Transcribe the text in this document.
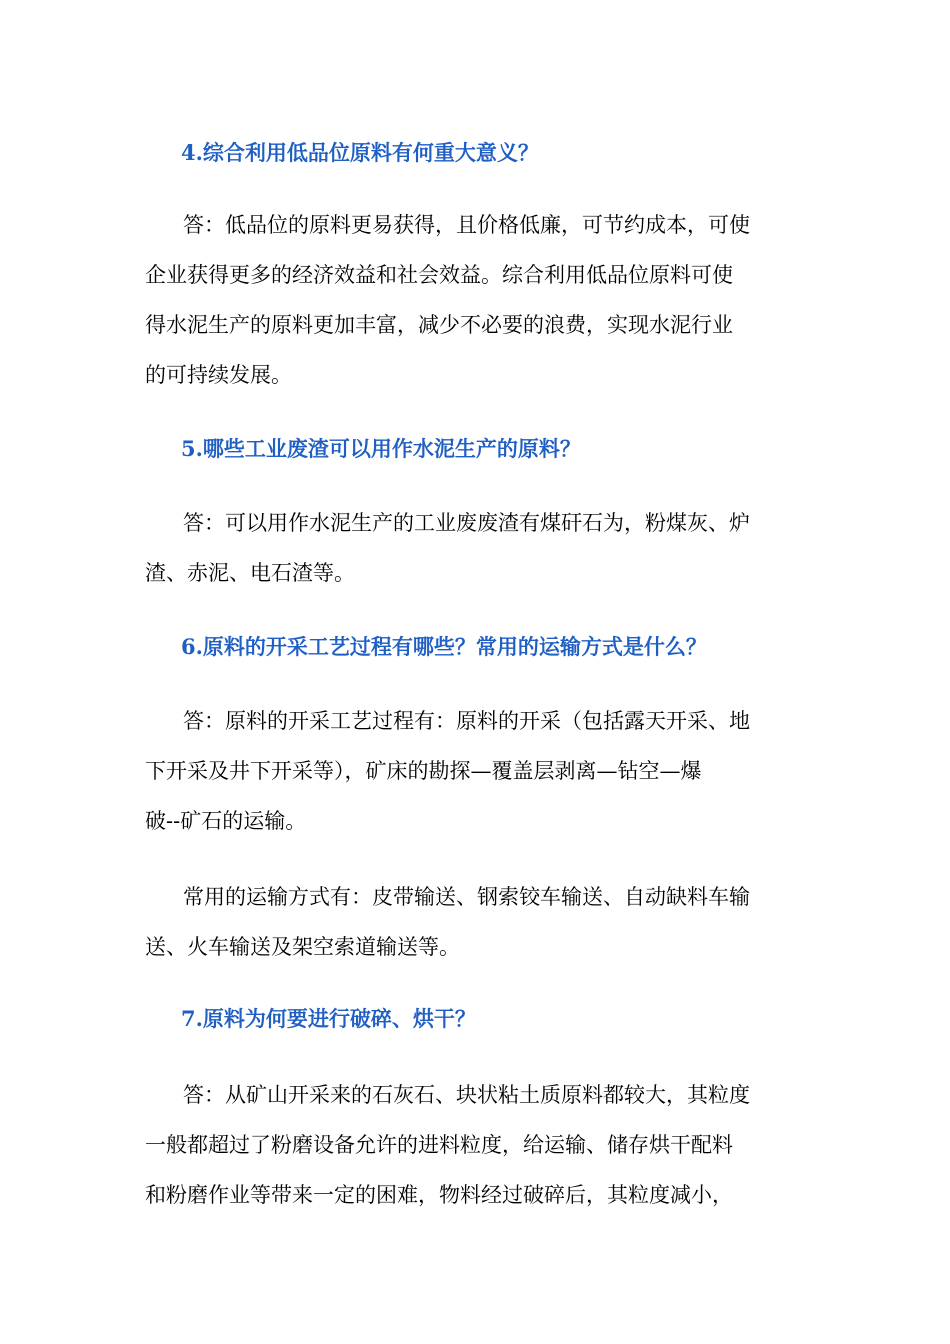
4.综合利用低品位原料有何重大意义？
答：低品位的原料更易获得，且价格低廉，可节约成本，可使
企业获得更多的经济效益和社会效益。综合利用低品位原料可使
得水泥生产的原料更加丰富，减少不必要的浪费，实现水泥行业
的可持续发展。
5.哪些工业废渣可以用作水泥生产的原料？
答：可以用作水泥生产的工业废废渣有煤矸石为，粉煤灰、炉
渣、赤泥、电石渣等。
6.原料的开采工艺过程有哪些？常用的运输方式是什么？
答：原料的开采工艺过程有：原料的开采（包括露天开采、地
下开采及井下开采等），矿床的勘探—覆盖层剥离—钻空—爆
破--矿石的运输。
常用的运输方式有：皮带输送、钢索铰车输送、自动缺料车输
送、火车输送及架空索道输送等。
7.原料为何要进行破碎、烘干？
答：从矿山开采来的石灰石、块状粘土质原料都较大，其粒度
一般都超过了粉磨设备允许的进料粒度，给运输、储存烘干配料
和粉磨作业等带来一定的困难，物料经过破碎后，其粒度减小，
